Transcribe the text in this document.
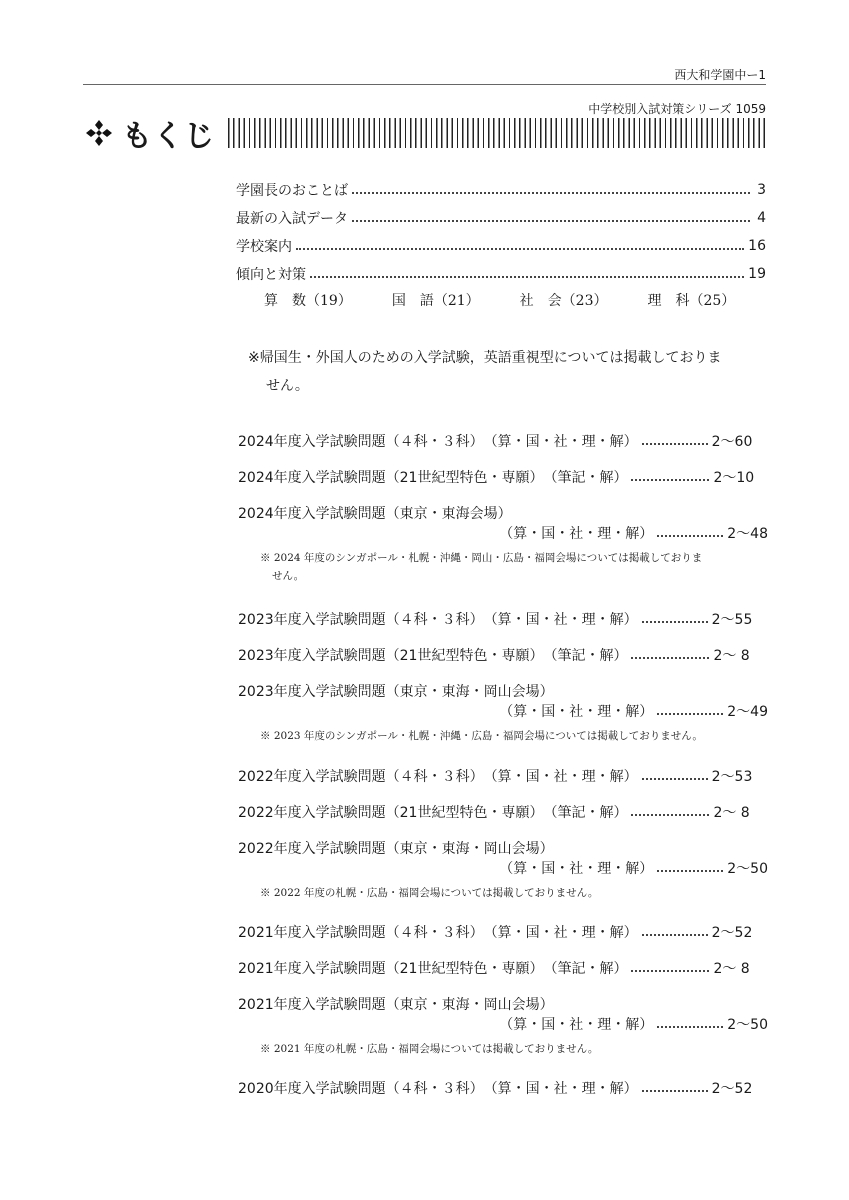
西大和学園中ー1
中学校別入試対策シリーズ 1059
もくじ
学園長のおことば	3
最新の入試データ	4
学校案内	16
傾向と対策	19
算　数（19）	国　語（21）	社　会（23）	理　科（25）
※帰国生・外国人のための入学試験，英語重視型については掲載しておりま
せん。
2024年度入学試験問題（４科・３科） （算・国・社・理・解）	2〜60
2024年度入学試験問題（21世紀型特色・専願） （筆記・解）	2〜10
2024年度入学試験問題（東京・東海会場）
（算・国・社・理・解）	2〜48
※ 2024 年度のシンガポール・札幌・沖縄・岡山・広島・福岡会場については掲載しておりま
せん。
2023年度入学試験問題（４科・３科） （算・国・社・理・解）	2〜55
2023年度入学試験問題（21世紀型特色・専願） （筆記・解）	2〜 8
2023年度入学試験問題（東京・東海・岡山会場）
（算・国・社・理・解）	2〜49
※ 2023 年度のシンガポール・札幌・沖縄・広島・福岡会場については掲載しておりません。
2022年度入学試験問題（４科・３科） （算・国・社・理・解）	2〜53
2022年度入学試験問題（21世紀型特色・専願） （筆記・解）	2〜 8
2022年度入学試験問題（東京・東海・岡山会場）
（算・国・社・理・解）	2〜50
※ 2022 年度の札幌・広島・福岡会場については掲載しておりません。
2021年度入学試験問題（４科・３科） （算・国・社・理・解）	2〜52
2021年度入学試験問題（21世紀型特色・専願） （筆記・解）	2〜 8
2021年度入学試験問題（東京・東海・岡山会場）
（算・国・社・理・解）	2〜50
※ 2021 年度の札幌・広島・福岡会場については掲載しておりません。
2020年度入学試験問題（４科・３科） （算・国・社・理・解）	2〜52
